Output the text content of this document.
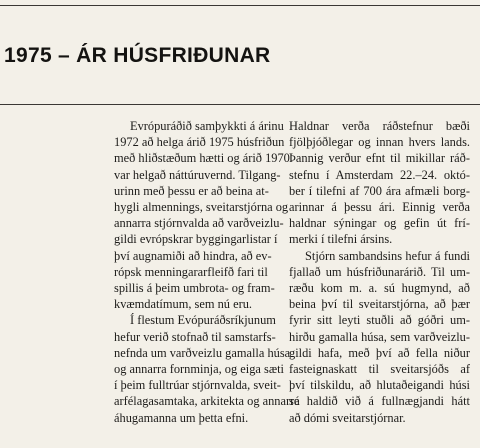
1975 – ÁR HÚSFRIÐUNAR
Evrópuráðið samþykkti á árinu
1972 að helga árið 1975 húsfriðun
með hliðstæðum hætti og árið 1970
var helgað náttúruvernd. Tilgang-
urinn með þessu er að beina at-
hygli almennings, sveitarstjórna og
annarra stjórnvalda að varðveizlu-
gildi evrópskrar byggingarlistar í
því augnamiði að hindra, að ev-
rópsk menningararfleifð fari til
spillis á þeim umbrota- og fram-
kvæmdatímum, sem nú eru.
Í flestum Evópuráðsríkjunum
hefur verið stofnað til samstarfs-
nefnda um varðveizlu gamalla húsa
og annarra fornminja, og eiga sæti
í þeim fulltrúar stjórnvalda, sveit-
arfélagasamtaka, arkitekta og annarra
áhugamanna um þetta efni.
Haldnar verða ráðstefnur bæði
fjölþjóðlegar og innan hvers lands.
Þannig verður efnt til mikillar ráð-
stefnu í Amsterdam 22.–24. októ-
ber í tilefni af 700 ára afmæli borg-
arinnar á þessu ári. Einnig verða
haldnar sýningar og gefin út frí-
merki í tilefni ársins.
Stjórn sambandsins hefur á fundi
fjallað um húsfriðunarárið. Til um-
ræðu kom m. a. sú hugmynd, að
beina því til sveitarstjórna, að þær
fyrir sitt leyti stuðli að góðri um-
hirðu gamalla húsa, sem varðveizlu-
gildi hafa, með því að fella niður
fasteignaskatt til sveitarsjóðs af
því tilskildu, að hlutaðeigandi húsi
sé haldið við á fullnægjandi hátt
að dómi sveitarstjórnar.
